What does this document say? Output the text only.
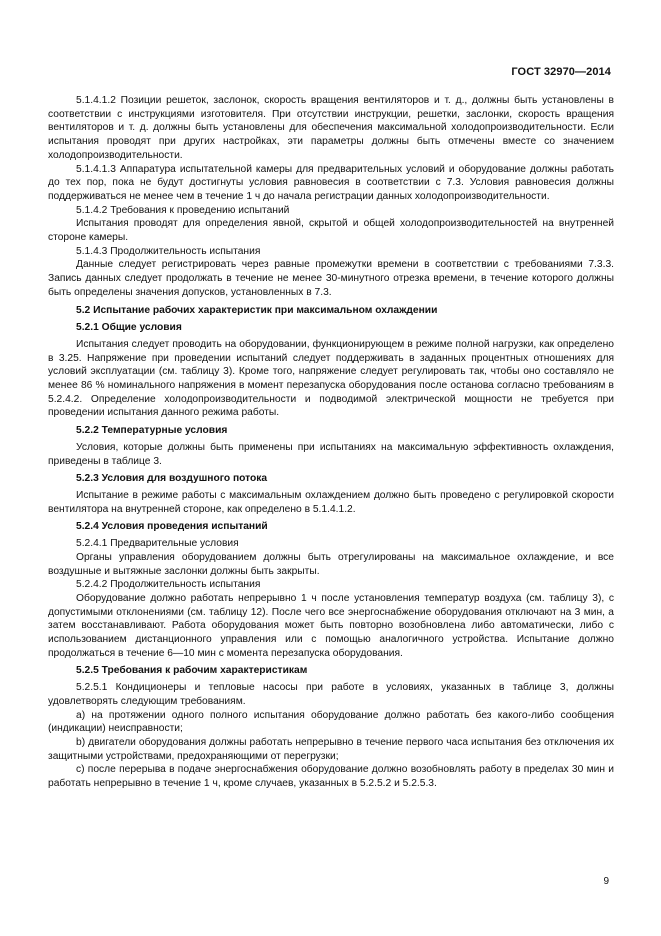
ГОСТ 32970—2014

5.1.4.1.2 Позиции решеток, заслонок, скорость вращения вентиляторов и т. д., должны быть установлены в соответствии с инструкциями изготовителя. При отсутствии инструкции, решетки, заслонки, скорость вращения вентиляторов и т. д. должны быть установлены для обеспечения максимальной холодопроизводительности. Если испытания проводят при других настройках, эти параметры должны быть отмечены вместе со значением холодопроизводительности.

5.1.4.1.3 Аппаратура испытательной камеры для предварительных условий и оборудование должны работать до тех пор, пока не будут достигнуты условия равновесия в соответствии с 7.3. Условия равновесия должны поддерживаться не менее чем в течение 1 ч до начала регистрации данных холодопроизводительности.

5.1.4.2 Требования к проведению испытаний

Испытания проводят для определения явной, скрытой и общей холодопроизводительностей на внутренней стороне камеры.

5.1.4.3 Продолжительность испытания

Данные следует регистрировать через равные промежутки времени в соответствии с требованиями 7.3.3. Запись данных следует продолжать в течение не менее 30-минутного отрезка времени, в течение которого должны быть определены значения допусков, установленных в 7.3.

5.2 Испытание рабочих характеристик при максимальном охлаждении

5.2.1 Общие условия

Испытания следует проводить на оборудовании, функционирующем в режиме полной нагрузки, как определено в 3.25. Напряжение при проведении испытаний следует поддерживать в заданных процентных отношениях для условий эксплуатации (см. таблицу 3). Кроме того, напряжение следует регулировать так, чтобы оно составляло не менее 86 % номинального напряжения в момент перезапуска оборудования после останова согласно требованиям в 5.2.4.2. Определение холодопроизводительности и подводимой электрической мощности не требуется при проведении испытания данного режима работы.

5.2.2 Температурные условия

Условия, которые должны быть применены при испытаниях на максимальную эффективность охлаждения, приведены в таблице 3.

5.2.3 Условия для воздушного потока

Испытание в режиме работы с максимальным охлаждением должно быть проведено с регулировкой скорости вентилятора на внутренней стороне, как определено в 5.1.4.1.2.

5.2.4 Условия проведения испытаний

5.2.4.1 Предварительные условия

Органы управления оборудованием должны быть отрегулированы на максимальное охлаждение, и все воздушные и вытяжные заслонки должны быть закрыты.

5.2.4.2 Продолжительность испытания

Оборудование должно работать непрерывно 1 ч после установления температур воздуха (см. таблицу 3), с допустимыми отклонениями (см. таблицу 12). После чего все энергоснабжение оборудования отключают на 3 мин, а затем восстанавливают. Работа оборудования может быть повторно возобновлена либо автоматически, либо с использованием дистанционного управления или с помощью аналогичного устройства. Испытание должно продолжаться в течение 6—10 мин с момента перезапуска оборудования.

5.2.5 Требования к рабочим характеристикам

5.2.5.1 Кондиционеры и тепловые насосы при работе в условиях, указанных в таблице 3, должны удовлетворять следующим требованиям.

a) на протяжении одного полного испытания оборудование должно работать без какого-либо сообщения (индикации) неисправности;

b) двигатели оборудования должны работать непрерывно в течение первого часа испытания без отключения их защитными устройствами, предохраняющими от перегрузки;

c) после перерыва в подаче энергоснабжения оборудование должно возобновлять работу в пределах 30 мин и работать непрерывно в течение 1 ч, кроме случаев, указанных в 5.2.5.2 и 5.2.5.3.

9
